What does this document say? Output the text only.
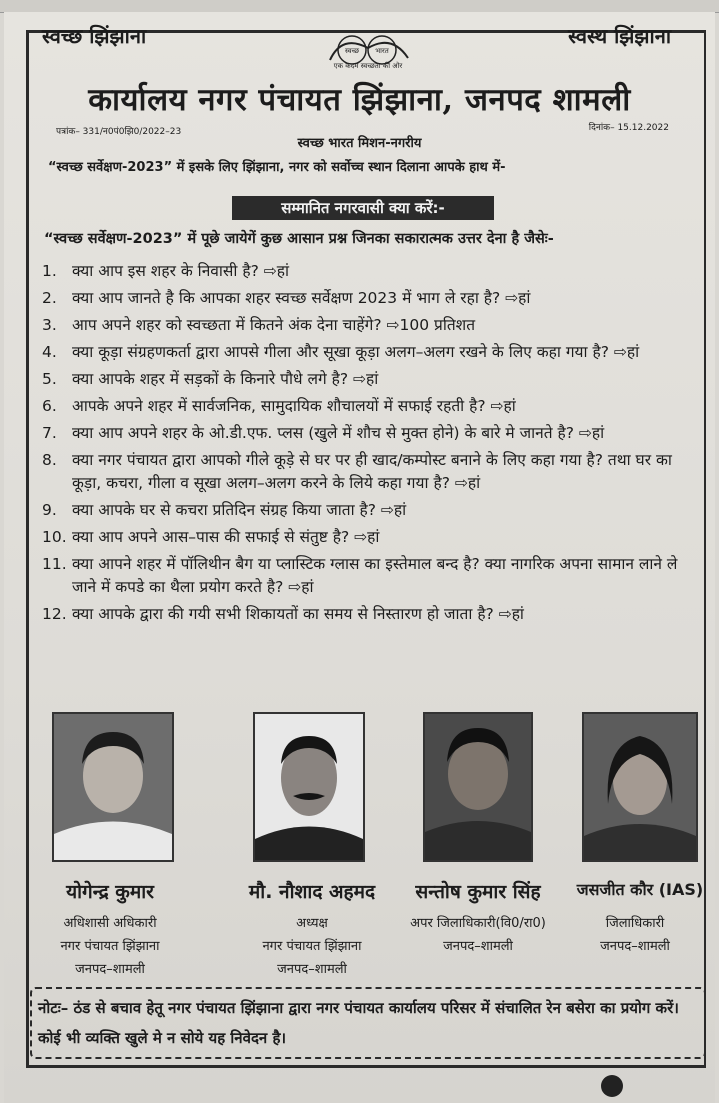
स्वच्छ झिंझाना	स्वस्थ झिंझाना
स्वच्छ भारत
एक कदम स्वच्छता की ओर
कार्यालय नगर पंचायत झिंझाना, जनपद शामली
पत्रांक– 331/न0पं0झि0/2022–23	दिनांक– 15.12.2022
स्वच्छ भारत मिशन-नगरीय
“स्वच्छ सर्वेक्षण-2023” में इसके लिए झिंझाना, नगर को सर्वोच्च स्थान दिलाना आपके हाथ में-
सम्मानित नगरवासी क्या करें:-
“स्वच्छ सर्वेक्षण-2023” में पूछे जायेगें कुछ आसान प्रश्न जिनका सकारात्मक उत्तर देना है जैसेः-
1. क्या आप इस शहर के निवासी है? ⇨हां
2. क्या आप जानते है कि आपका शहर स्वच्छ सर्वेक्षण 2023 में भाग ले रहा है? ⇨हां
3. आप अपने शहर को स्वच्छता में कितने अंक देना चाहेंगे? ⇨100 प्रतिशत
4. क्या कूड़ा संग्रहणकर्ता द्वारा आपसे गीला और सूखा कूड़ा अलग–अलग रखने के लिए कहा गया है? ⇨हां
5. क्या आपके शहर में सड़कों के किनारे पौधे लगे है? ⇨हां
6. आपके अपने शहर में सार्वजनिक, सामुदायिक शौचालयों में सफाई रहती है? ⇨हां
7. क्या आप अपने शहर के ओ.डी.एफ. प्लस (खुले में शौच से मुक्त होने) के बारे मे जानते है? ⇨हां
8. क्या नगर पंचायत द्वारा आपको गीले कूड़े से घर पर ही खाद/कम्पोस्ट बनाने के लिए कहा गया है? तथा घर का कूड़ा, कचरा, गीला व सूखा अलग–अलग करने के लिये कहा गया है? ⇨हां
9. क्या आपके घर से कचरा प्रतिदिन संग्रह किया जाता है? ⇨हां
10. क्या आप अपने आस–पास की सफाई से संतुष्ट है? ⇨हां
11. क्या आपने शहर में पॉलिथीन बैग या प्लास्टिक ग्लास का इस्तेमाल बन्द है? क्या नागरिक अपना सामान लाने ले जाने में कपडे का थैला प्रयोग करते है? ⇨हां
12. क्या आपके द्वारा की गयी सभी शिकायतों का समय से निस्तारण हो जाता है? ⇨हां
योगेन्द्र कुमार	मौ. नौशाद अहमद	सन्तोष कुमार सिंह	जसजीत कौर (IAS)
अधिशासी अधिकारी
नगर पंचायत झिंझाना
जनपद–शामली
अध्यक्ष
नगर पंचायत झिंझाना
जनपद–शामली
अपर जिलाधिकारी(वि0/रा0)
जनपद–शामली
जिलाधिकारी
जनपद–शामली
नोटः– ठंड से बचाव हेतू नगर पंचायत झिंझाना द्वारा नगर पंचायत कार्यालय परिसर में संचालित रेन बसेरा का प्रयोग करें। कोई भी व्यक्ति खुले मे न सोये यह निवेदन है।
